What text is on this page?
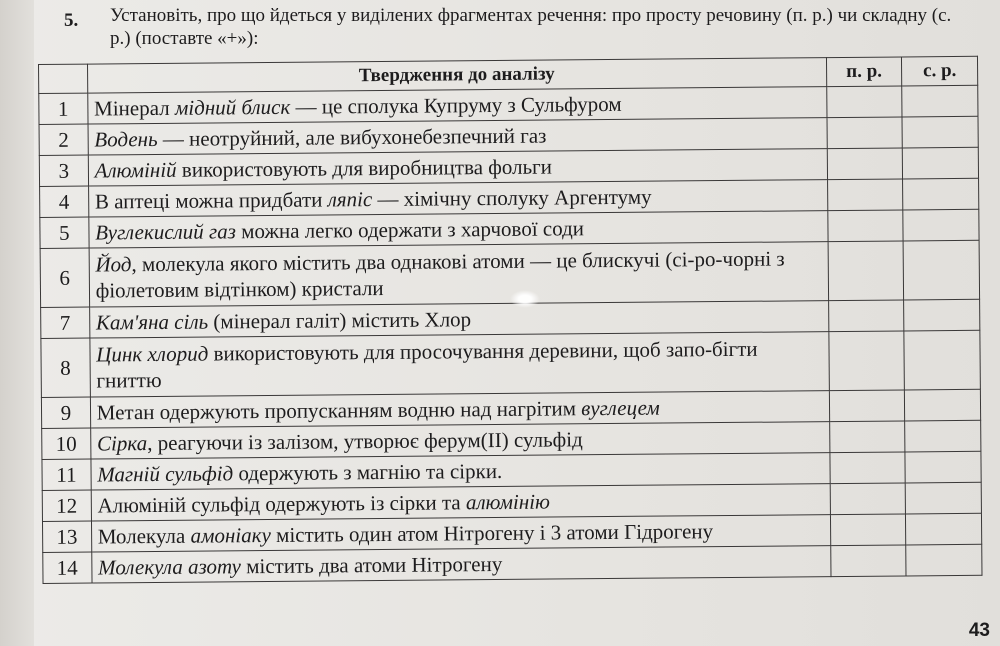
5. Установіть, про що йдеться у виділених фрагментах речення: про просту речовину (п. р.) чи складну (с. р.) (поставте «+»):
	Твердження до аналізу	п. р.	с. р.
1	Мінерал мідний блиск — це сполука Купруму з Сульфуром		
2	Водень — неотруйний, але вибухонебезпечний газ		
3	Алюміній використовують для виробництва фольги		
4	В аптеці можна придбати ляпіс — хімічну сполуку Аргентуму		
5	Вуглекислий газ можна легко одержати з харчової соди		
6	Йод, молекула якого містить два однакові атоми — це блискучі (сі-ро-чорні з фіолетовим відтінком) кристали		
7	Кам'яна сіль (мінерал галіт) містить Хлор		
8	Цинк хлорид використовують для просочування деревини, щоб запо-бігти гниттю		
9	Метан одержують пропусканням водню над нагрітим вуглецем		
10	Сірка, реагуючи із залізом, утворює ферум(II) сульфід		
11	Магній сульфід одержують з магнію та сірки.		
12	Алюміній сульфід одержують із сірки та алюмінію		
13	Молекула амоніаку містить один атом Нітрогену і 3 атоми Гідрогену		
14	Молекула азоту містить два атоми Нітрогену		
43
